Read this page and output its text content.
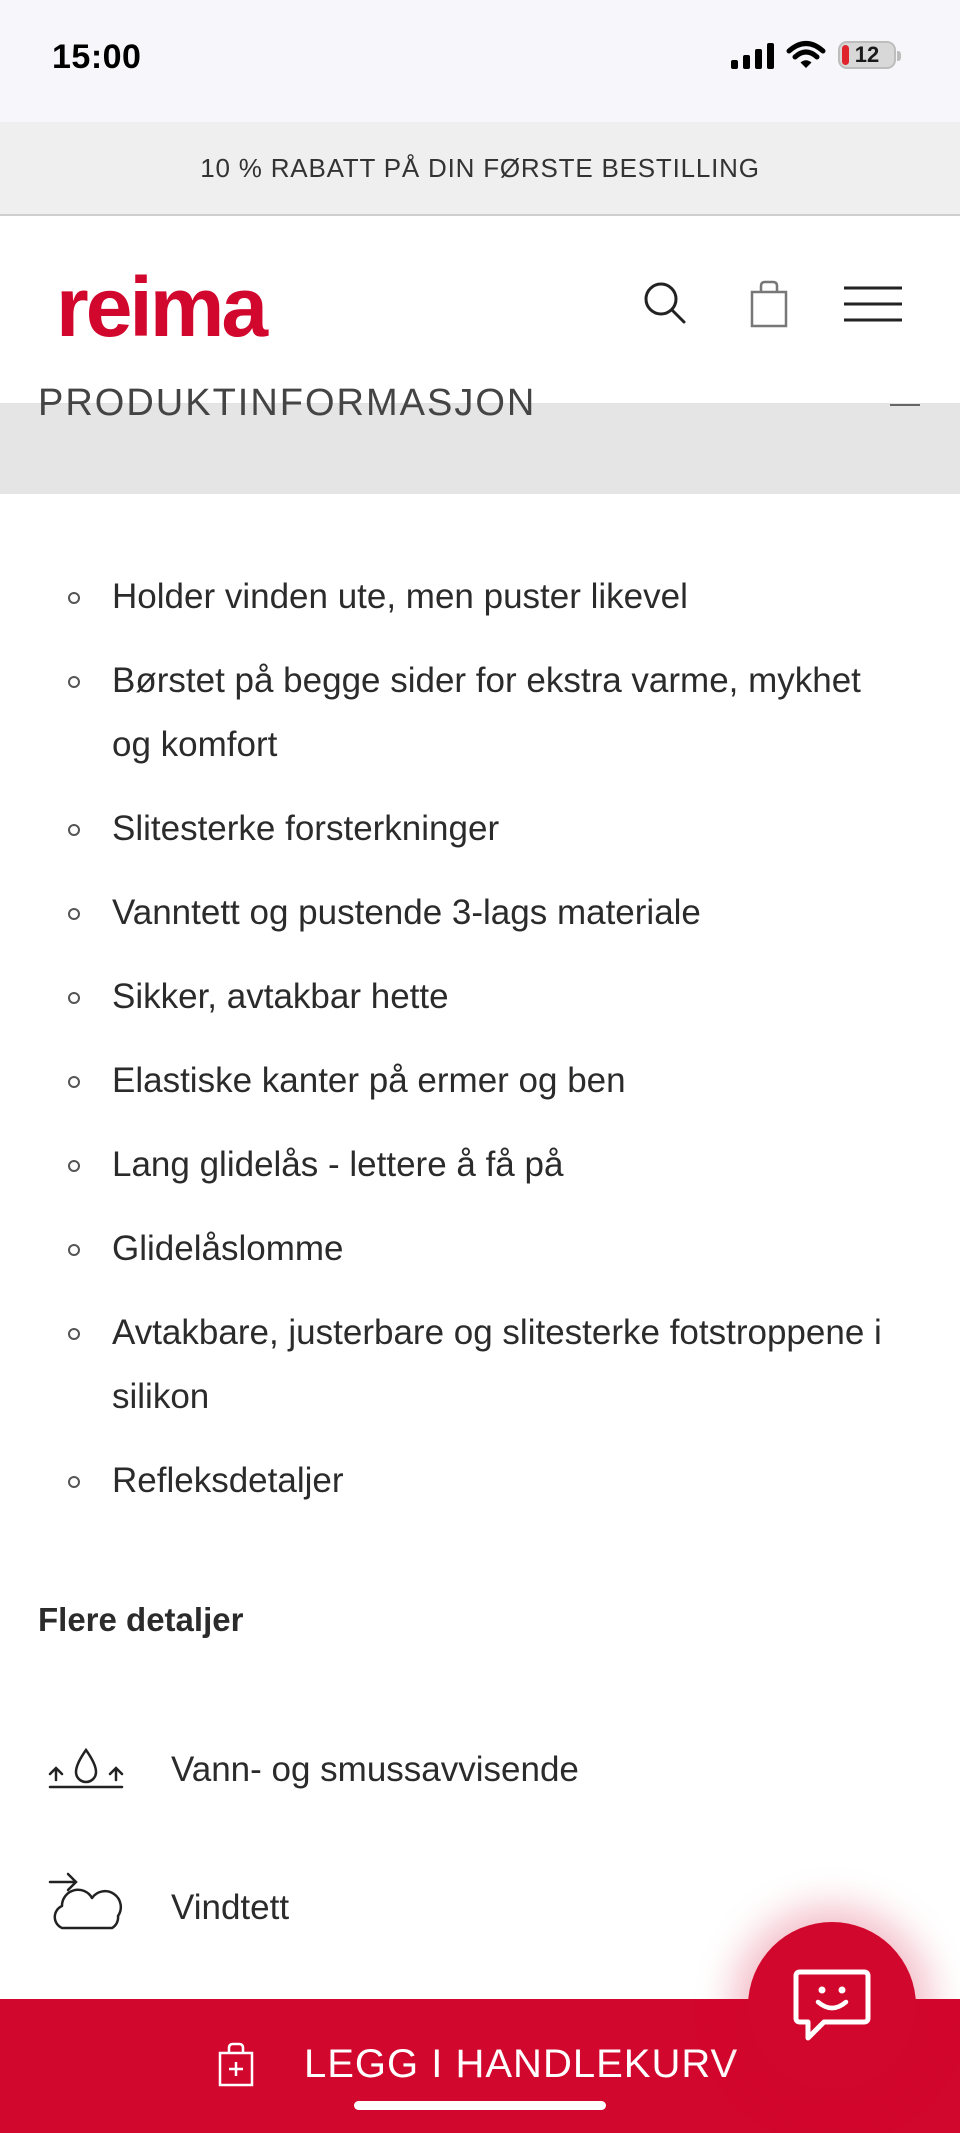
15:00	12
10 % RABATT PÅ DIN FØRSTE BESTILLING
reima
PRODUKTINFORMASJON
Holder vinden ute, men puster likevel
Børstet på begge sider for ekstra varme, mykhet og komfort
Slitesterke forsterkninger
Vanntett og pustende 3-lags materiale
Sikker, avtakbar hette
Elastiske kanter på ermer og ben
Lang glidelås - lettere å få på
Glidelåslomme
Avtakbare, justerbare og slitesterke fotstroppene i silikon
Refleksdetaljer
Flere detaljer
Vann- og smussavvisende
Vindtett
LEGG I HANDLEKURV
